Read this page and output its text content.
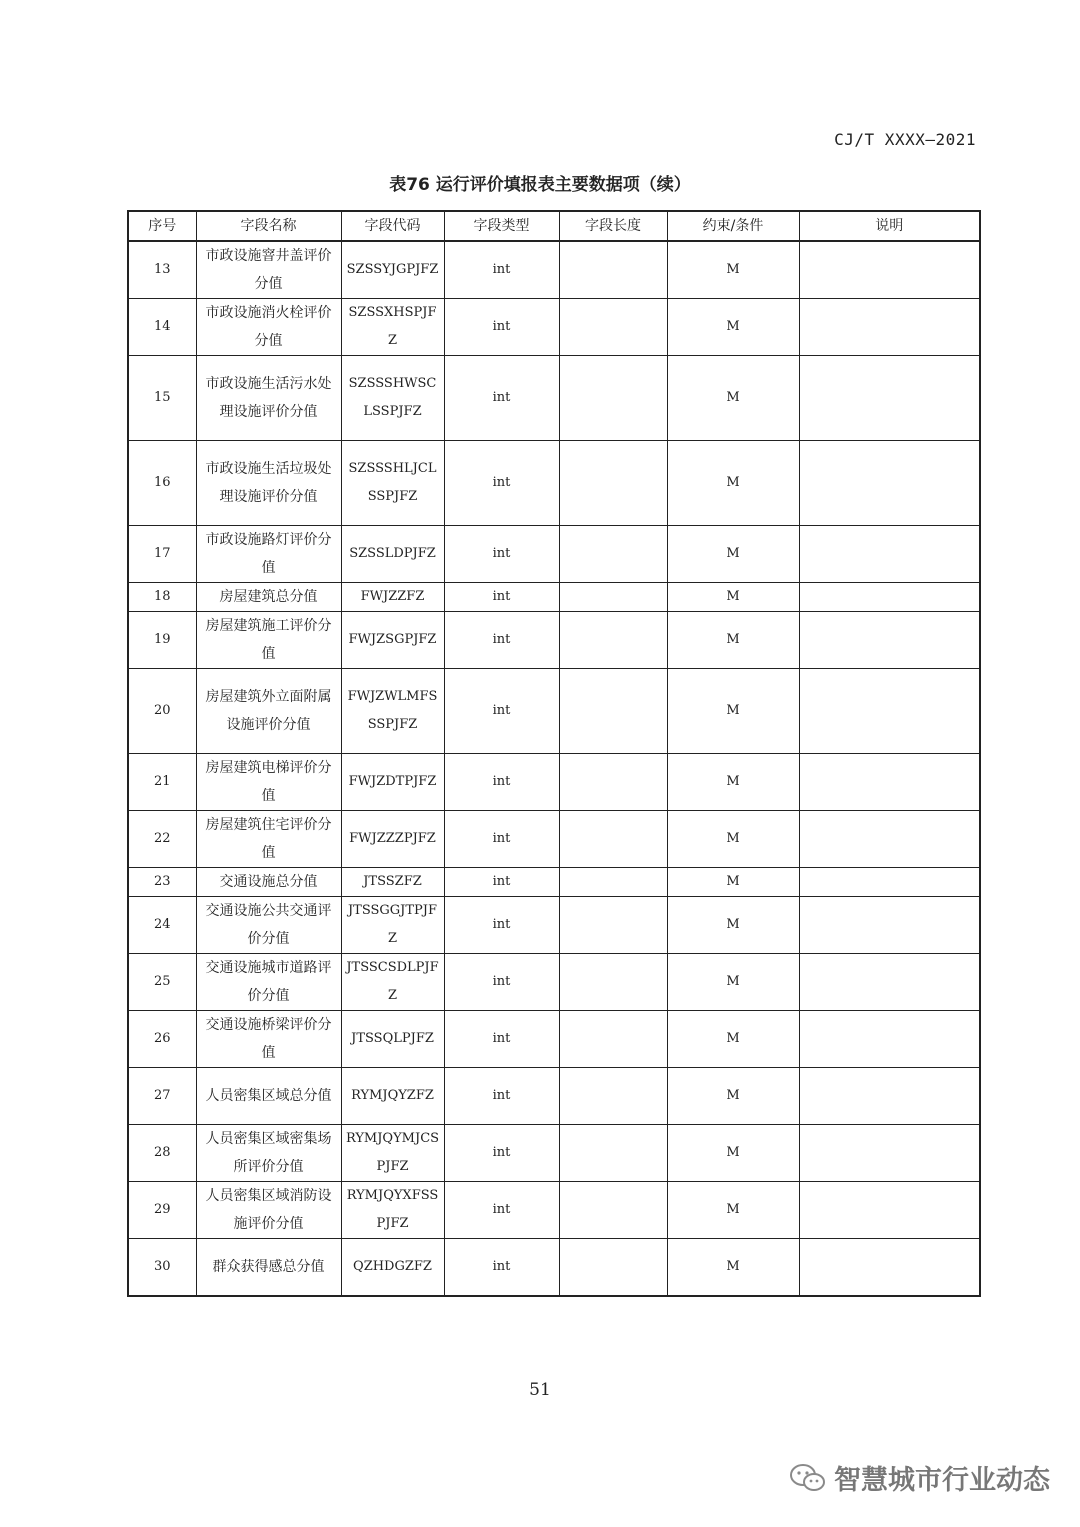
CJ/T XXXX—2021
表76 运行评价填报表主要数据项（续）
序号	字段名称	字段代码	字段类型	字段长度	约束/条件	说明
13	市政设施窨井盖评价分值	SZSSYJGPJFZ	int		M	
14	市政设施消火栓评价分值	SZSSXHSPJFZ	int		M	
15	市政设施生活污水处理设施评价分值	SZSSSHWSCLSSPJFZ	int		M	
16	市政设施生活垃圾处理设施评价分值	SZSSSHLJCLSSPJFZ	int		M	
17	市政设施路灯评价分值	SZSSLDPJFZ	int		M	
18	房屋建筑总分值	FWJZZFZ	int		M	
19	房屋建筑施工评价分值	FWJZSGPJFZ	int		M	
20	房屋建筑外立面附属设施评价分值	FWJZWLMFSSSPJFZ	int		M	
21	房屋建筑电梯评价分值	FWJZDTPJFZ	int		M	
22	房屋建筑住宅评价分值	FWJZZZPJFZ	int		M	
23	交通设施总分值	JTSSZFZ	int		M	
24	交通设施公共交通评价分值	JTSSGGJTPJFZ	int		M	
25	交通设施城市道路评价分值	JTSSCSDLPJFZ	int		M	
26	交通设施桥梁评价分值	JTSSQLPJFZ	int		M	
27	人员密集区域总分值	RYMJQYZFZ	int		M	
28	人员密集区域密集场所评价分值	RYMJQYMJCSPJFZ	int		M	
29	人员密集区域消防设施评价分值	RYMJQYXFSSPJFZ	int		M	
30	群众获得感总分值	QZHDGZFZ	int		M	
51
智慧城市行业动态
